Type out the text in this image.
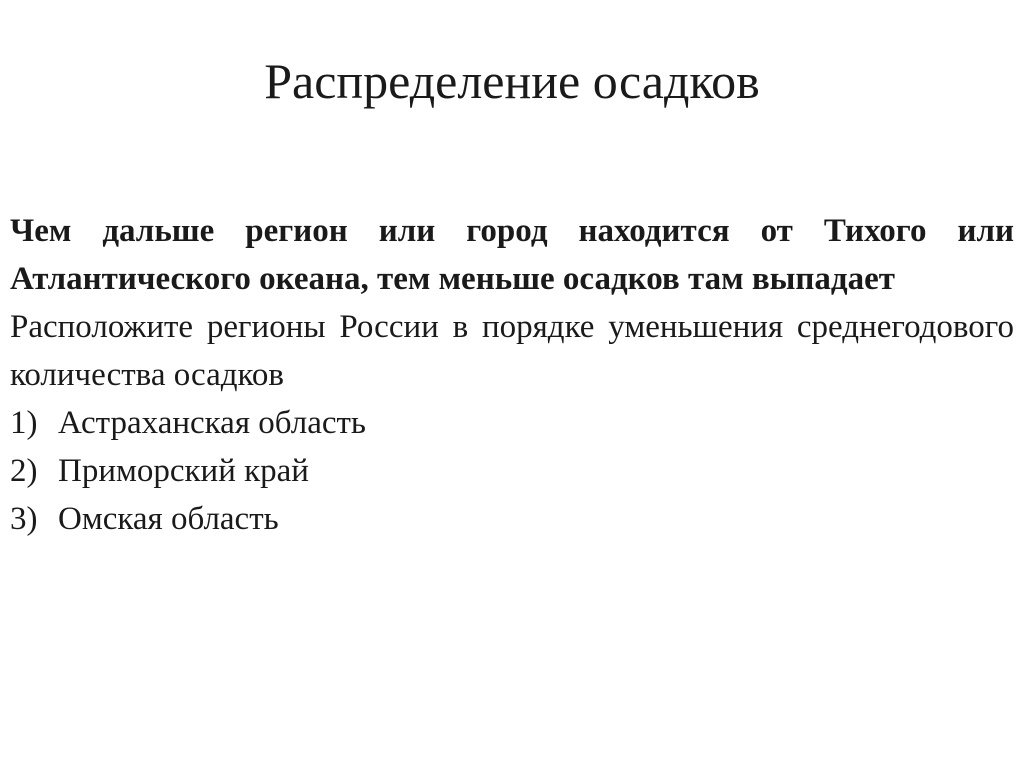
Распределение осадков

Чем дальше регион или город находится от Тихого или Атлантического океана, тем меньше осадков там выпадает

Расположите регионы России в порядке уменьшения среднегодового количества осадков

1) Астраханская область
2) Приморский край
3) Омская область
